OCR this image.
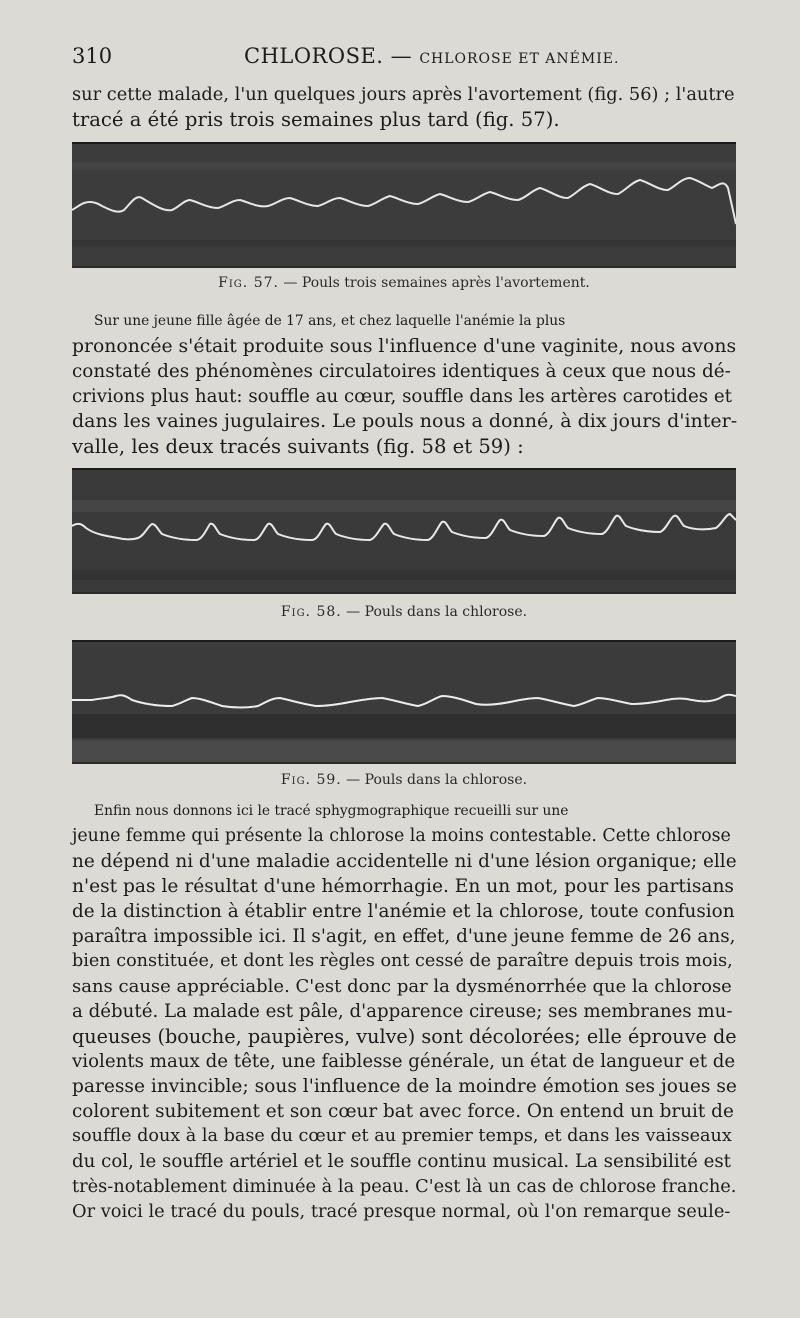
310	CHLOROSE. — CHLOROSE ET ANÉMIE.
sur cette malade, l'un quelques jours après l'avortement (fig. 56) ; l'autre
tracé a été pris trois semaines plus tard (fig. 57).
Fig. 57. — Pouls trois semaines après l'avortement.
Sur une jeune fille âgée de 17 ans, et chez laquelle l'anémie la plus
prononcée s'était produite sous l'influence d'une vaginite, nous avons
constaté des phénomènes circulatoires identiques à ceux que nous dé-
crivions plus haut: souffle au cœur, souffle dans les artères carotides et
dans les vaines jugulaires. Le pouls nous a donné, à dix jours d'inter-
valle, les deux tracés suivants (fig. 58 et 59) :
Fig. 58. — Pouls dans la chlorose.
Fig. 59. — Pouls dans la chlorose.
Enfin nous donnons ici le tracé sphygmographique recueilli sur une
jeune femme qui présente la chlorose la moins contestable. Cette chlorose
ne dépend ni d'une maladie accidentelle ni d'une lésion organique; elle
n'est pas le résultat d'une hémorrhagie. En un mot, pour les partisans
de la distinction à établir entre l'anémie et la chlorose, toute confusion
paraîtra impossible ici. Il s'agit, en effet, d'une jeune femme de 26 ans,
bien constituée, et dont les règles ont cessé de paraître depuis trois mois,
sans cause appréciable. C'est donc par la dysménorrhée que la chlorose
a débuté. La malade est pâle, d'apparence cireuse; ses membranes mu-
queuses (bouche, paupières, vulve) sont décolorées; elle éprouve de
violents maux de tête, une faiblesse générale, un état de langueur et de
paresse invincible; sous l'influence de la moindre émotion ses joues se
colorent subitement et son cœur bat avec force. On entend un bruit de
souffle doux à la base du cœur et au premier temps, et dans les vaisseaux
du col, le souffle artériel et le souffle continu musical. La sensibilité est
très-notablement diminuée à la peau. C'est là un cas de chlorose franche.
Or voici le tracé du pouls, tracé presque normal, où l'on remarque seule-
